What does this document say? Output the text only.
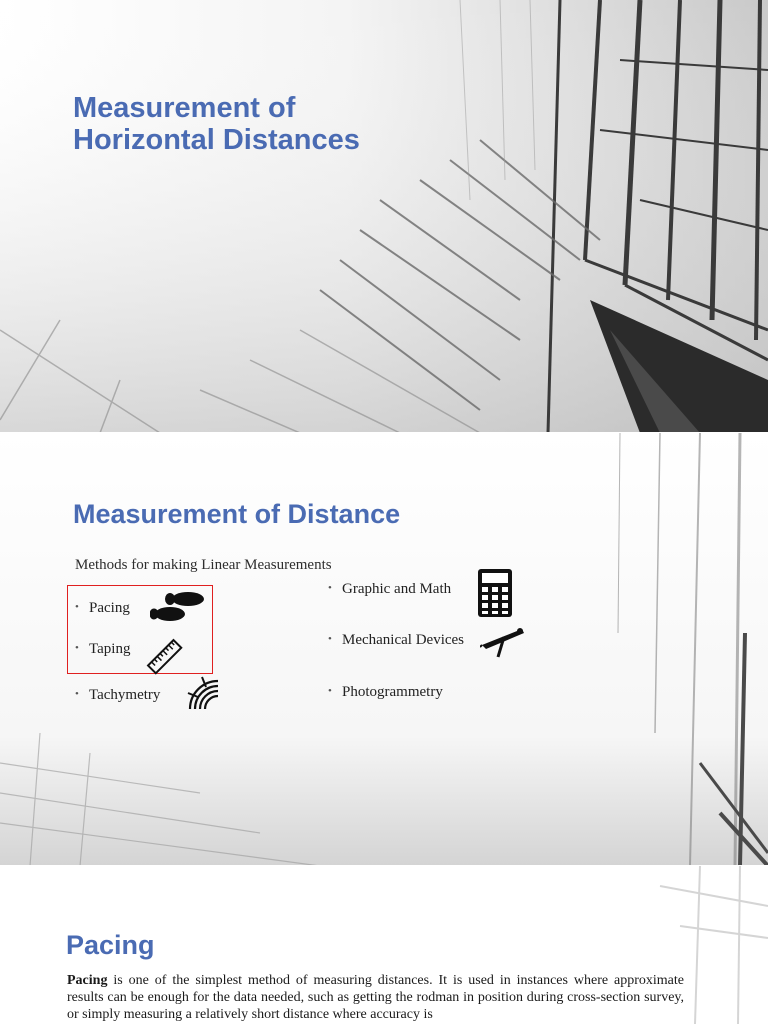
Measurement of Horizontal Distances
Measurement of Distance

Methods for making Linear Measurements

• Pacing
• Taping
• Tachymetry
• Graphic and Math
• Mechanical Devices
• Photogrammetry
Pacing

Pacing is one of the simplest method of measuring distances. It is used in instances where approximate results can be enough for the data needed, such as getting the rodman in position during cross-section survey, or simply measuring a relatively short distance where accuracy is
